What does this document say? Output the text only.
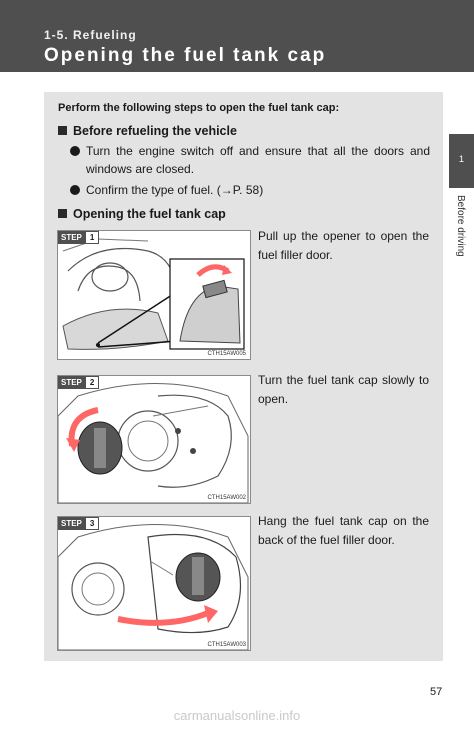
1-5. Refueling
Opening the fuel tank cap
1
Before driving
Perform the following steps to open the fuel tank cap:
Before refueling the vehicle
Turn the engine switch off and ensure that all the doors and windows are closed.
Confirm the type of fuel. (→P. 58)
Opening the fuel tank cap
STEP	1
CTH15AW005
Pull up the opener to open the fuel filler door.
STEP	2
CTH15AW002
Turn the fuel tank cap slowly to open.
STEP	3
CTH15AW003
Hang the fuel tank cap on the back of the fuel filler door.
57
carmanualsonline.info
